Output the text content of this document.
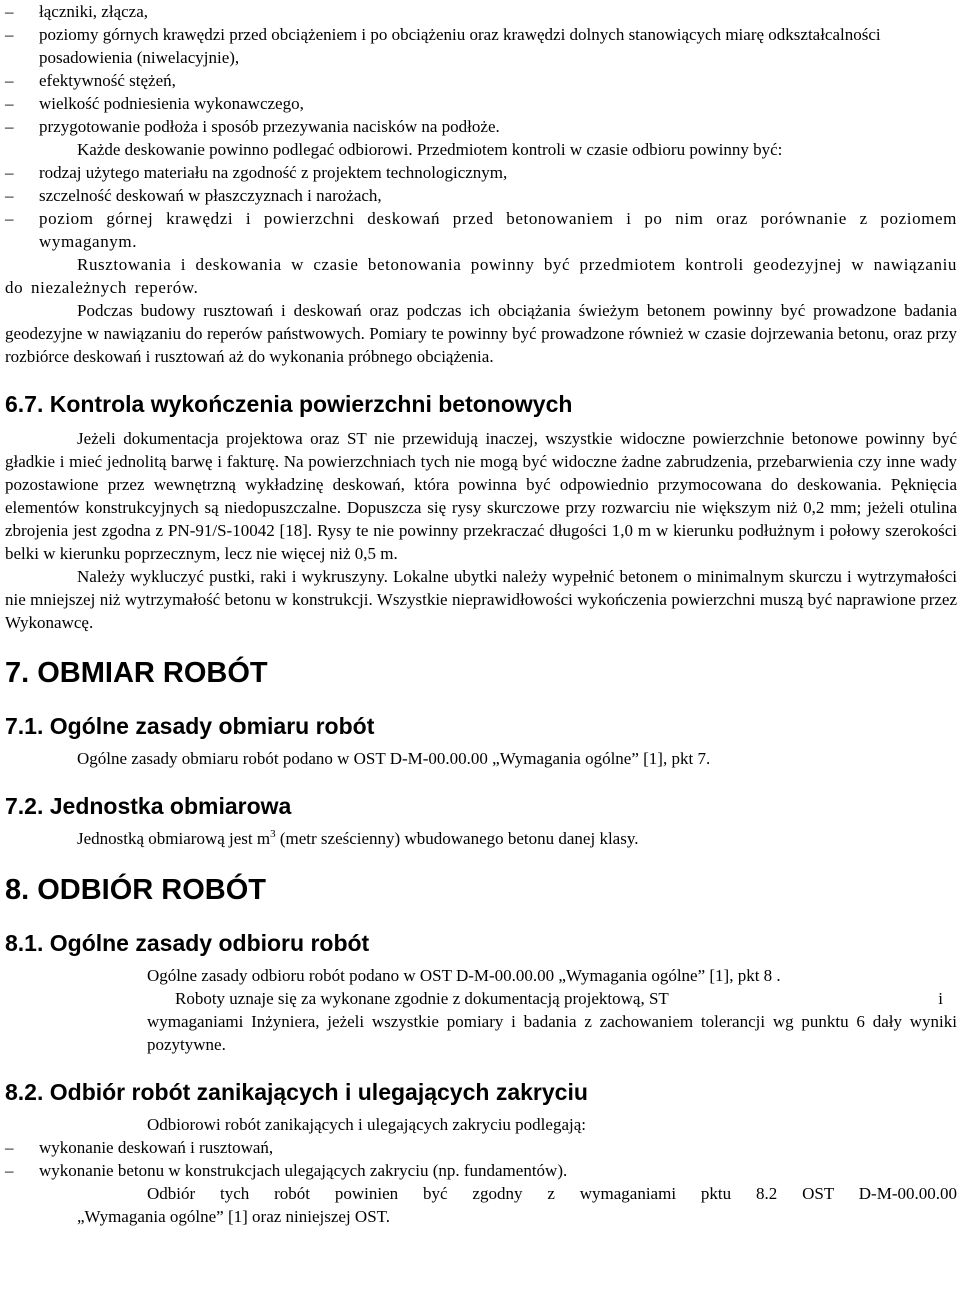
–	łączniki, złącza,

–	poziomy górnych krawędzi przed obciążeniem i po obciążeniu oraz krawędzi dolnych stanowiących miarę odkształcalności posadowienia (niwelacyjnie),

–	efektywność stężeń,

–	wielkość podniesienia wykonawczego,

–	przygotowanie podłoża i sposób przezywania nacisków na podłoże.

Każde deskowanie powinno podlegać odbiorowi. Przedmiotem kontroli w czasie odbioru powinny być:

–	rodzaj użytego materiału na zgodność z projektem technologicznym,

–	szczelność deskowań w płaszczyznach i narożach,

–	poziom górnej krawędzi i powierzchni deskowań przed betonowaniem i po nim oraz porównanie z poziomem wymaganym.

Rusztowania i deskowania w czasie betonowania powinny być przedmiotem kontroli geodezyjnej w nawiązaniu do niezależnych reperów.

Podczas budowy rusztowań i deskowań oraz podczas ich obciążania świeżym betonem powinny być prowadzone badania geodezyjne w nawiązaniu do reperów państwowych. Pomiary te powinny być prowadzone również w czasie dojrzewania betonu, oraz przy rozbiórce deskowań i rusztowań aż do wykonania próbnego obciążenia.

6.7. Kontrola wykończenia powierzchni betonowych

Jeżeli dokumentacja projektowa oraz ST nie przewidują inaczej, wszystkie widoczne powierzchnie betonowe powinny być gładkie i mieć jednolitą barwę i fakturę. Na powierzchniach tych nie mogą być widoczne żadne zabrudzenia, przebarwienia czy inne wady pozostawione przez wewnętrzną wykładzinę deskowań, która powinna być odpowiednio przymocowana do deskowania. Pęknięcia elementów konstrukcyjnych są niedopuszczalne. Dopuszcza się rysy skurczowe przy rozwarciu nie większym niż 0,2 mm; jeżeli otulina zbrojenia jest zgodna z PN-91/S-10042 [18]. Rysy te nie powinny przekraczać długości 1,0 m w kierunku podłużnym i połowy szerokości belki w kierunku poprzecznym, lecz nie więcej niż 0,5 m.

Należy wykluczyć pustki, raki i wykruszyny. Lokalne ubytki należy wypełnić betonem o minimalnym skurczu i wytrzymałości nie mniejszej niż wytrzymałość betonu w konstrukcji. Wszystkie nieprawidłowości wykończenia powierzchni muszą być naprawione przez Wykonawcę.

7. OBMIAR ROBÓT
7.1. Ogólne zasady obmiaru robót

Ogólne zasady obmiaru robót podano w OST D-M-00.00.00 „Wymagania ogólne” [1], pkt 7.

7.2. Jednostka obmiarowa

Jednostką obmiarową jest $m^3$ (metr sześcienny) wbudowanego betonu danej klasy.

8. ODBIÓR ROBÓT
8.1. Ogólne zasady odbioru robót

Ogólne zasady odbioru robót podano w OST D-M-00.00.00 „Wymagania ogólne” [1], pkt 8 .

Roboty uznaje się za wykonane zgodnie z dokumentacją projektową, ST	i

wymaganiami Inżyniera, jeżeli wszystkie pomiary i badania z zachowaniem tolerancji wg punktu 6 dały wyniki pozytywne.

8.2. Odbiór robót zanikających i ulegających zakryciu

Odbiorowi robót zanikających i ulegających zakryciu podlegają:

–	wykonanie deskowań i rusztowań,

–	wykonanie betonu w konstrukcjach ulegających zakryciu (np. fundamentów).

Odbiór tych robót powinien być zgodny z wymaganiami pktu 8.2 OST D-M-00.00.00

„Wymagania ogólne” [1] oraz niniejszej OST.
